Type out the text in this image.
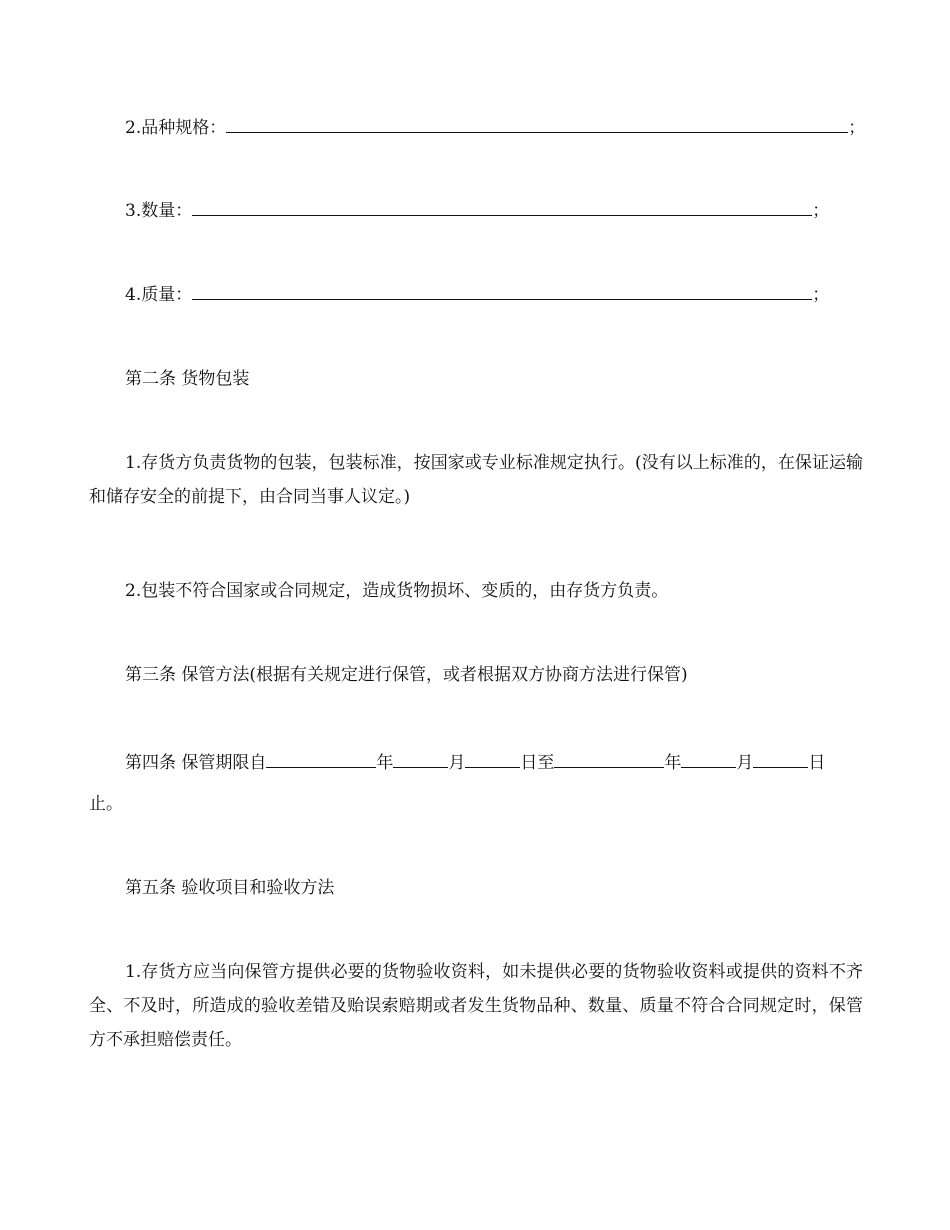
2.品种规格：	；
3.数量：	；
4.质量：	；
第二条 货物包装
1.存货方负责货物的包装，包装标准，按国家或专业标准规定执行。(没有以上标准的，在保证运输和储存安全的前提下，由合同当事人议定。)
2.包装不符合国家或合同规定，造成货物损坏、变质的，由存货方负责。
第三条 保管方法(根据有关规定进行保管，或者根据双方协商方法进行保管)
第四条 保管期限自	年	月	日至	年	月	日
止。
第五条 验收项目和验收方法
1.存货方应当向保管方提供必要的货物验收资料，如未提供必要的货物验收资料或提供的资料不齐全、不及时，所造成的验收差错及贻误索赔期或者发生货物品种、数量、质量不符合合同规定时，保管方不承担赔偿责任。
